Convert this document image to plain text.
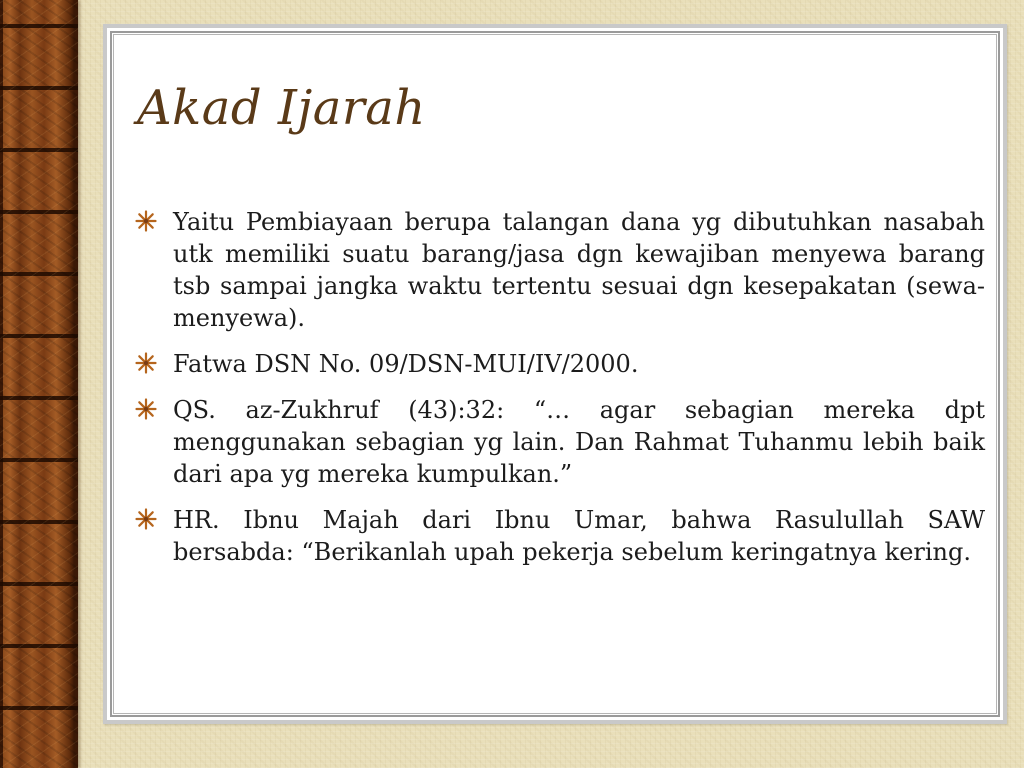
Akad Ijarah
Yaitu Pembiayaan berupa talangan dana yg dibutuhkan nasabah utk memiliki suatu barang/jasa dgn kewajiban menyewa barang tsb sampai jangka waktu tertentu sesuai dgn kesepakatan (sewa-menyewa).
Fatwa DSN No. 09/DSN-MUI/IV/2000.
QS. az-Zukhruf (43):32: “… agar sebagian mereka dpt menggunakan sebagian yg lain. Dan Rahmat Tuhanmu lebih baik dari apa yg mereka kumpulkan.”
HR. Ibnu Majah dari Ibnu Umar, bahwa Rasulullah SAW bersabda: “Berikanlah upah pekerja sebelum keringatnya kering.
